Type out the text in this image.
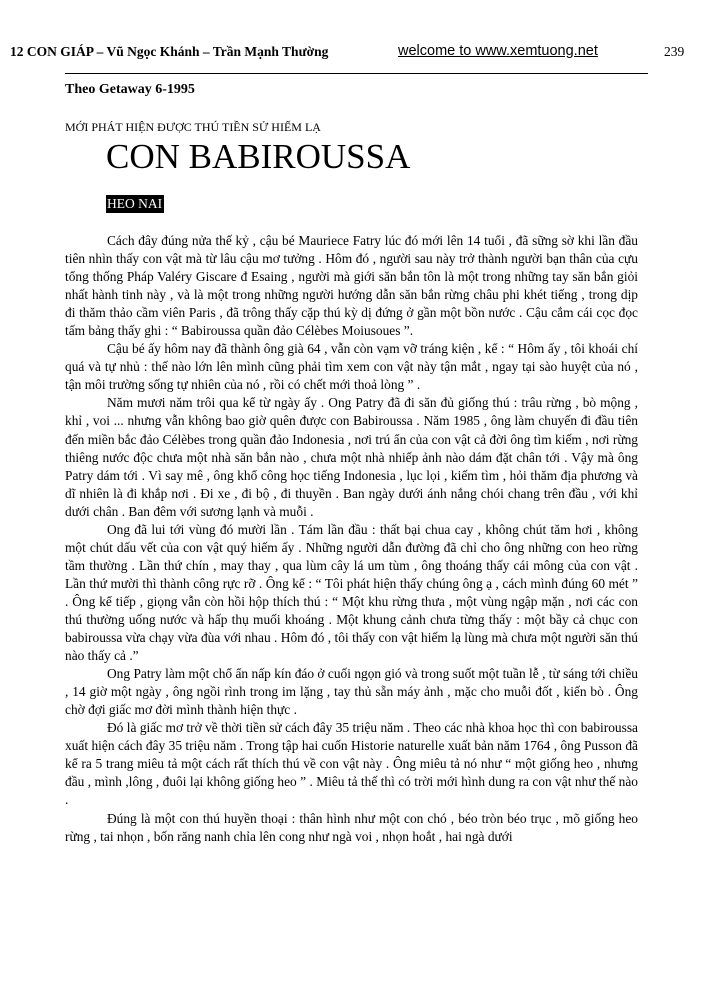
12 CON GIÁP – Vũ Ngọc Khánh – Trần Mạnh Thường	welcome to www.xemtuong.net	239
Theo Getaway 6-1995
MỚI PHÁT HIỆN ĐƯỢC THÚ TIỀN SỬ HIẾM LẠ
CON BABIROUSSA
HEO NAI

Cách đây đúng nửa thế kỷ , cậu bé Mauriece Fatry lúc đó mới lên 14 tuổi , đã sững sờ khi lần đầu tiên nhìn thấy con vật mà từ lâu cậu mơ tưởng . Hôm đó , người sau này trở thành người bạn thân của cựu tổng thống Pháp Valéry Giscare đ Esaing , người mà giới săn bắn tôn là một trong những tay săn bắn giỏi nhất hành tinh này , và là một trong những người hướng dẫn săn bắn rừng châu phi khét tiếng , trong dịp đi thăm thảo cầm viên Paris , đã trông thấy cặp thú kỳ dị đứng ở gần một bồn nước . Cậu cắm cái cọc đọc tấm bảng thấy ghi : “ Babiroussa quần đảo Célèbes Moiusoues ”.

Cậu bé ấy hôm nay đã thành ông già 64 , vẫn còn vạm vỡ tráng kiện , kể : “ Hôm ấy , tôi khoái chí quá và tự nhủ : thế nào lớn lên mình cũng phải tìm xem con vật này tận mắt , ngay tại sào huyệt của nó , tận môi trường sống tự nhiên của nó , rồi có chết mới thoả lòng ” .

Năm mươi năm trôi qua kể từ ngày ấy . Ong Patry đã đi săn đủ giống thú : trâu rừng , bò mộng , khỉ , voi ... nhưng vẫn không bao giờ quên được con Babiroussa . Năm 1985 , ông làm chuyến đi đầu tiên đến miền bắc đảo Célèbes trong quần đảo Indonesia , nơi trú ẩn của con vật cả đời ông tìm kiếm , nơi rừng thiêng nước độc chưa một nhà săn bắn nào , chưa một nhà nhiếp ảnh nào dám đặt chân tới . Vậy mà ông Patry dám tới . Vì say mê , ông khổ công học tiếng Indonesia , lục lọi , kiếm tìm , hỏi thăm địa phương và dĩ nhiên là đi khắp nơi . Đi xe , đi bộ , đi thuyền . Ban ngày dưới ánh nắng chói chang trên đầu , với khỉ dưới chân . Ban đêm với sương lạnh và muỗi .

Ong đã lui tới vùng đó mười lần . Tám lần đầu : thất bại chua cay , không chút tăm hơi , không một chút dấu vết của con vật quý hiếm ấy . Những người dẫn đường đã chỉ cho ông những con heo rừng tầm thường . Lần thứ chín , may thay , qua lùm cây lá um tùm , ông thoáng thấy cái mông của con vật . Lần thứ mười thì thành công rực rỡ . Ông kể : “ Tôi phát hiện thấy chúng ông ạ , cách mình đúng 60 mét ” . Ông kể tiếp , giọng vẫn còn hồi hộp thích thú : “ Một khu rừng thưa , một vùng ngập mặn , nơi các con thú thường uống nước và hấp thụ muối khoáng . Một khung cảnh chưa từng thấy : một bầy cả chục con babiroussa vừa chạy vừa đùa với nhau . Hôm đó , tôi thấy con vật hiếm lạ lùng mà chưa một người săn thú nào thấy cả .”

Ong Patry làm một chổ ẩn nấp kín đáo ở cuối ngọn gió và trong suốt một tuần lễ , từ sáng tới chiều , 14 giờ một ngày , ông ngồi rình trong im lặng , tay thủ sẵn máy ảnh , mặc cho muỗi đốt , kiến bò . Ông chờ đợi giấc mơ đời mình thành hiện thực .

Đó là giấc mơ trở về thời tiền sử cách đây 35 triệu năm . Theo các nhà khoa học thì con babiroussa xuất hiện cách đây 35 triệu năm . Trong tập hai cuốn Historie naturelle xuất bản năm 1764 , ông Pusson đã kể ra 5 trang miêu tả một cách rất thích thú về con vật này . Ông miêu tả nó như “ một giống heo , nhưng đầu , mình ,lông , đuôi lại không giống heo ” . Miêu tả thế thì có trời mới hình dung ra con vật như thế nào .

Đúng là một con thú huyền thoại : thân hình như một con chó , béo tròn béo trục , mõ giống heo rừng , tai nhọn , bốn răng nanh chỉa lên cong như ngà voi , nhọn hoắt , hai ngà dưới
